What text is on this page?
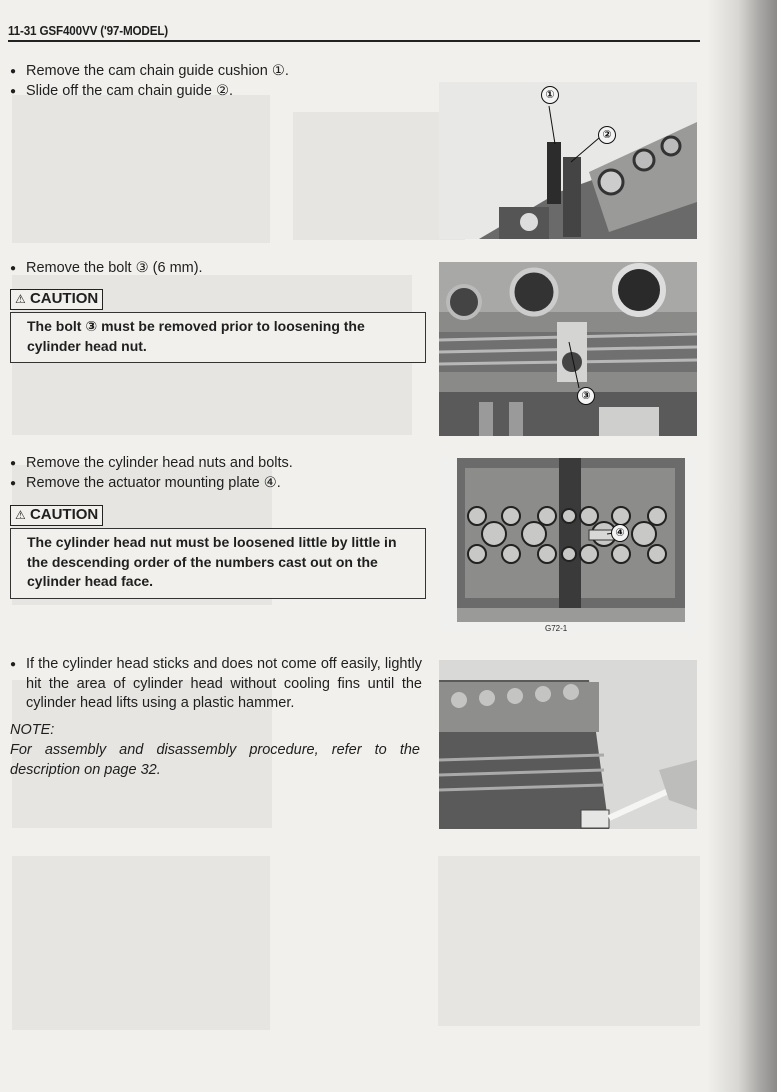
11-31 GSF400VV ('97-MODEL)
● Remove the cam chain guide cushion ①.
● Slide off the cam chain guide ②.
● Remove the bolt ③ (6 mm).
⚠ CAUTION
The bolt ③ must be removed prior to loosening the cylinder head nut.
● Remove the cylinder head nuts and bolts.
● Remove the actuator mounting plate ④.
⚠ CAUTION
The cylinder head nut must be loosened little by little in the descending order of the numbers cast out on the cylinder head face.
● If the cylinder head sticks and does not come off easily, lightly hit the area of cylinder head without cooling fins until the cylinder head lifts using a plastic hammer.
NOTE:
For assembly and disassembly procedure, refer to the description on page 32.
①
②
③
④
G72-1
